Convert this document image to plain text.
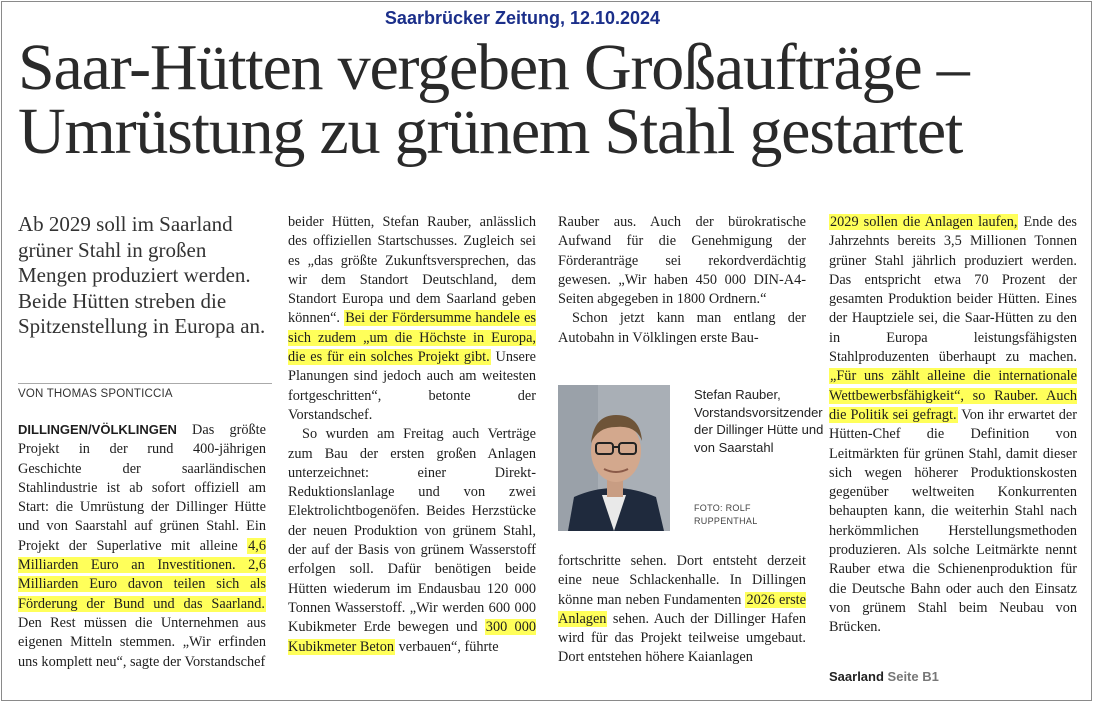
Saarbrücker Zeitung, 12.10.2024
Saar-Hütten vergeben Großaufträge –
Umrüstung zu grünem Stahl gestartet
Ab 2029 soll im Saarland grüner Stahl in großen Mengen produziert werden. Beide Hütten streben die Spitzenstellung in Europa an.
VON THOMAS SPONTICCIA

DILLINGEN/VÖLKLINGEN Das größte Projekt in der rund 400-jährigen Geschichte der saarländischen Stahlindustrie ist ab sofort offiziell am Start: die Umrüstung der Dillinger Hütte und von Saarstahl auf grünen Stahl. Ein Projekt der Superlative mit alleine 4,6 Milliarden Euro an Investitionen. 2,6 Milliarden Euro davon teilen sich als Förderung der Bund und das Saarland. Den Rest müssen die Unternehmen aus eigenen Mitteln stemmen. „Wir erfinden uns komplett neu“, sagte der Vorstandschef

beider Hütten, Stefan Rauber, anlässlich des offiziellen Startschusses. Zugleich sei es „das größte Zukunftsversprechen, das wir dem Standort Deutschland, dem Standort Europa und dem Saarland geben können“. Bei der Fördersumme handele es sich zudem „um die Höchste in Europa, die es für ein solches Projekt gibt. Unsere Planungen sind jedoch auch am weitesten fortgeschritten“, betonte der Vorstandschef.

So wurden am Freitag auch Verträge zum Bau der ersten großen Anlagen unterzeichnet: einer Direkt-Reduktionslanlage und von zwei Elektrolichtbogenöfen. Beides Herzstücke der neuen Produktion von grünem Stahl, der auf der Basis von grünem Wasserstoff erfolgen soll. Dafür benötigen beide Hütten wiederum im Endausbau 120 000 Tonnen Wasserstoff. „Wir werden 600 000 Kubikmeter Erde bewegen und 300 000 Kubikmeter Beton verbauen“, führte

Rauber aus. Auch der bürokratische Aufwand für die Genehmigung der Förderanträge sei rekordverdächtig gewesen. „Wir haben 450 000 DIN-A4-Seiten abgegeben in 1800 Ordnern.“

Schon jetzt kann man entlang der Autobahn in Völklingen erste Bau-

Stefan Rauber, Vorstandsvorsitzender der Dillinger Hütte und von Saarstahl
FOTO: ROLF RUPPENTHAL

fortschritte sehen. Dort entsteht derzeit eine neue Schlackenhalle. In Dillingen könne man neben Fundamenten 2026 erste Anlagen sehen. Auch der Dillinger Hafen wird für das Projekt teilweise umgebaut. Dort entstehen höhere Kaianlagen

2029 sollen die Anlagen laufen, Ende des Jahrzehnts bereits 3,5 Millionen Tonnen grüner Stahl jährlich produziert werden. Das entspricht etwa 70 Prozent der gesamten Produktion beider Hütten. Eines der Hauptziele sei, die Saar-Hütten zu den in Europa leistungsfähigsten Stahlproduzenten überhaupt zu machen. „Für uns zählt alleine die internationale Wettbewerbsfähigkeit“, so Rauber. Auch die Politik sei gefragt. Von ihr erwartet der Hütten-Chef die Definition von Leitmärkten für grünen Stahl, damit dieser sich wegen höherer Produktionskosten gegenüber weltweiten Konkurrenten behaupten kann, die weiterhin Stahl nach herkömmlichen Herstellungsmethoden produzieren. Als solche Leitmärkte nennt Rauber etwa die Schienenproduktion für die Deutsche Bahn oder auch den Einsatz von grünem Stahl beim Neubau von Brücken.

Saarland Seite B1
